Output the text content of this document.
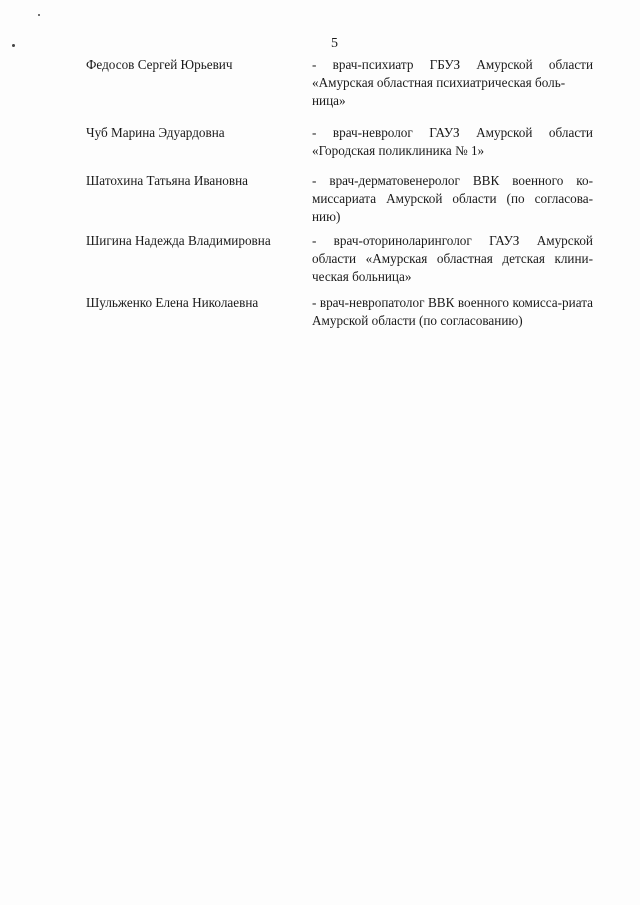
5
Федосов Сергей Юрьевич	- врач-психиатр ГБУЗ Амурской области «Амурская областная психиатрическая боль-
ница»
Чуб Марина Эдуардовна	- врач-невролог ГАУЗ Амурской области «Городская поликлиника № 1»
Шатохина Татьяна Ивановна	- врач-дерматовенеролог ВВК военного ко-миссариата Амурской области (по согласова-нию)
Шигина Надежда Владимировна	- врач-оториноларинголог ГАУЗ Амурской области «Амурская областная детская клини-ческая больница»
Шульженко Елена Николаевна	- врач-невропатолог ВВК военного комисса-риата Амурской области (по согласованию)
